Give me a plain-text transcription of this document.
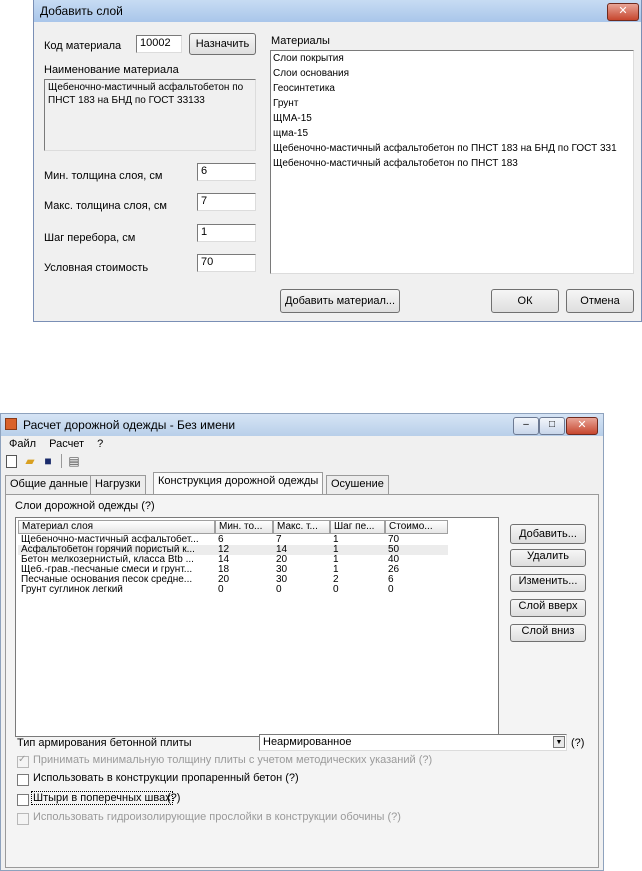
Добавить слой	✕
Код материала	10002	Назначить
Наименование материала
Щебеночно-мастичный асфальтобетон по ПНСТ 183 на БНД по ГОСТ 33133
Мин. толщина слоя, см	6
Макс. толщина слоя, см	7
Шаг перебора, см	1
Условная стоимость	70
Материалы
Слои покрытия
Слои основания
Геосинтетика
Грунт
ЩМА-15
щма-15
Щебеночно-мастичный асфальтобетон по ПНСТ 183 на БНД по ГОСТ 331
Щебеночно-мастичный асфальтобетон по ПНСТ 183
Добавить материал...	ОК	Отмена
Расчет дорожной одежды - Без имени	–	□	✕
Файл Расчет ?
▰ ■ ▤
Общие данные Нагрузки	Конструкция дорожной одежды	Осушение
Слои дорожной одежды (?)
Материал слоя	Мин. то...	Макс. т...	Шаг пе...	Стоимо...
Щебеночно-мастичный асфальтобет...	6	7	1	70
Асфальтобетон горячий пористый к...	12	14	1	50
Бетон мелкозернистый, класса Btb ...	14	20	1	40
Щеб.-грав.-песчаные смеси и грунт...	18	30	1	26
Песчаные основания песок средне...	20	30	2	6
Грунт суглинок легкий	0	0	0	0
Добавить...
Удалить
Изменить...
Слой вверх
Слой вниз
Тип армирования бетонной плиты	Неармированное	▼ (?)
✓
Принимать минимальную толщину плиты с учетом методических указаний (?)
Использовать в конструкции пропаренный бетон (?)
Штыри в поперечных швах
(?)
Использовать гидроизолирующие прослойки в конструкции обочины (?)
